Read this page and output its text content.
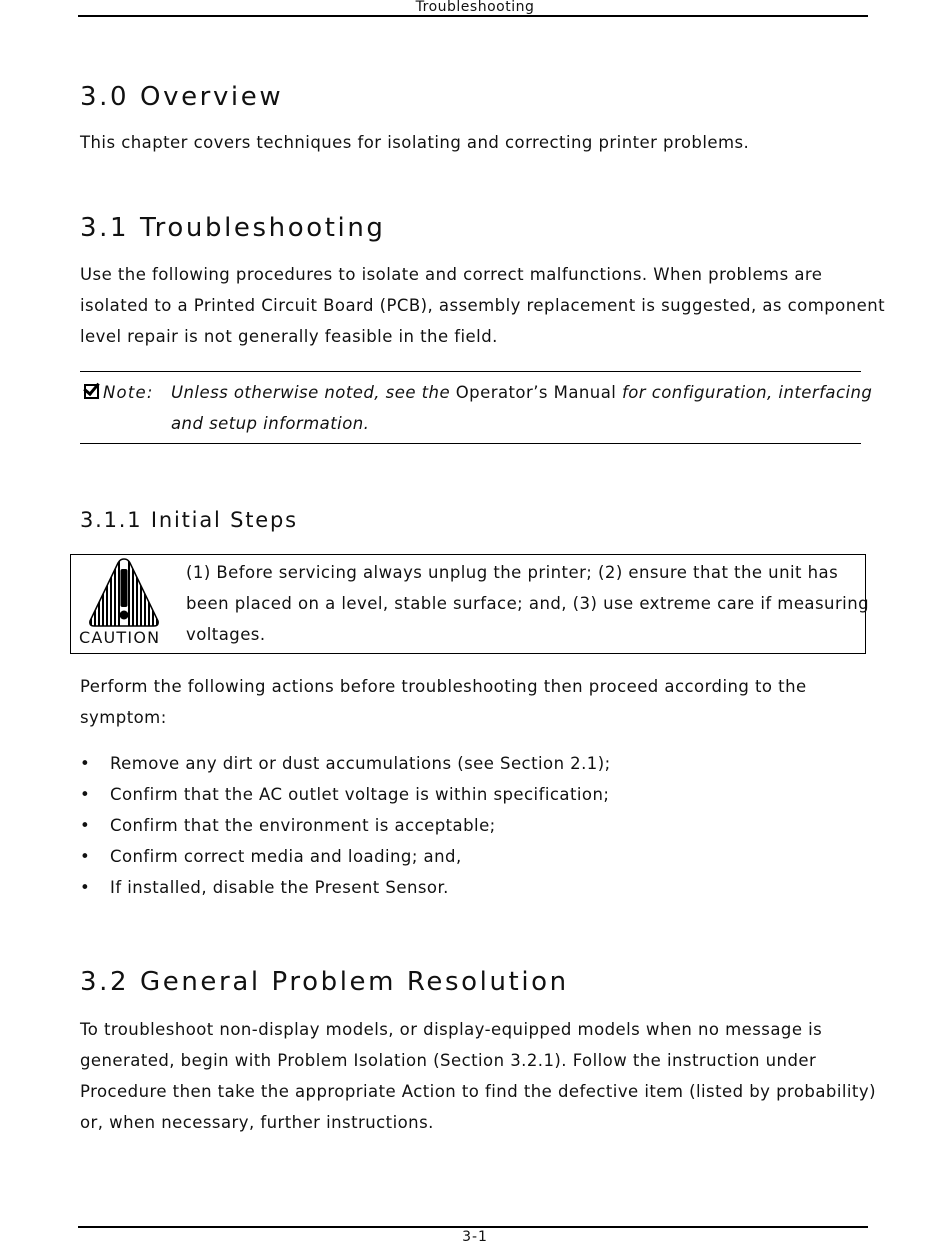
Troubleshooting
3.0 Overview

This chapter covers techniques for isolating and correcting printer problems.

3.1 Troubleshooting
Use the following procedures to isolate and correct malfunctions. When problems are
isolated to a Printed Circuit Board (PCB), assembly replacement is suggested, as component
level repair is not generally feasible in the field.
Note: Unless otherwise noted, see the Operator’s Manual for configuration, interfacing
and setup information.
3.1.1 Initial Steps
CAUTION
(1) Before servicing always unplug the printer; (2) ensure that the unit has
been placed on a level, stable surface; and, (3) use extreme care if measuring
voltages.
Perform the following actions before troubleshooting then proceed according to the
symptom:
• Remove any dirt or dust accumulations (see Section 2.1);
• Confirm that the AC outlet voltage is within specification;
• Confirm that the environment is acceptable;
• Confirm correct media and loading; and,
• If installed, disable the Present Sensor.
3.2 General Problem Resolution
To troubleshoot non-display models, or display-equipped models when no message is
generated, begin with Problem Isolation (Section 3.2.1). Follow the instruction under
Procedure then take the appropriate Action to find the defective item (listed by probability)
or, when necessary, further instructions.
3-1
